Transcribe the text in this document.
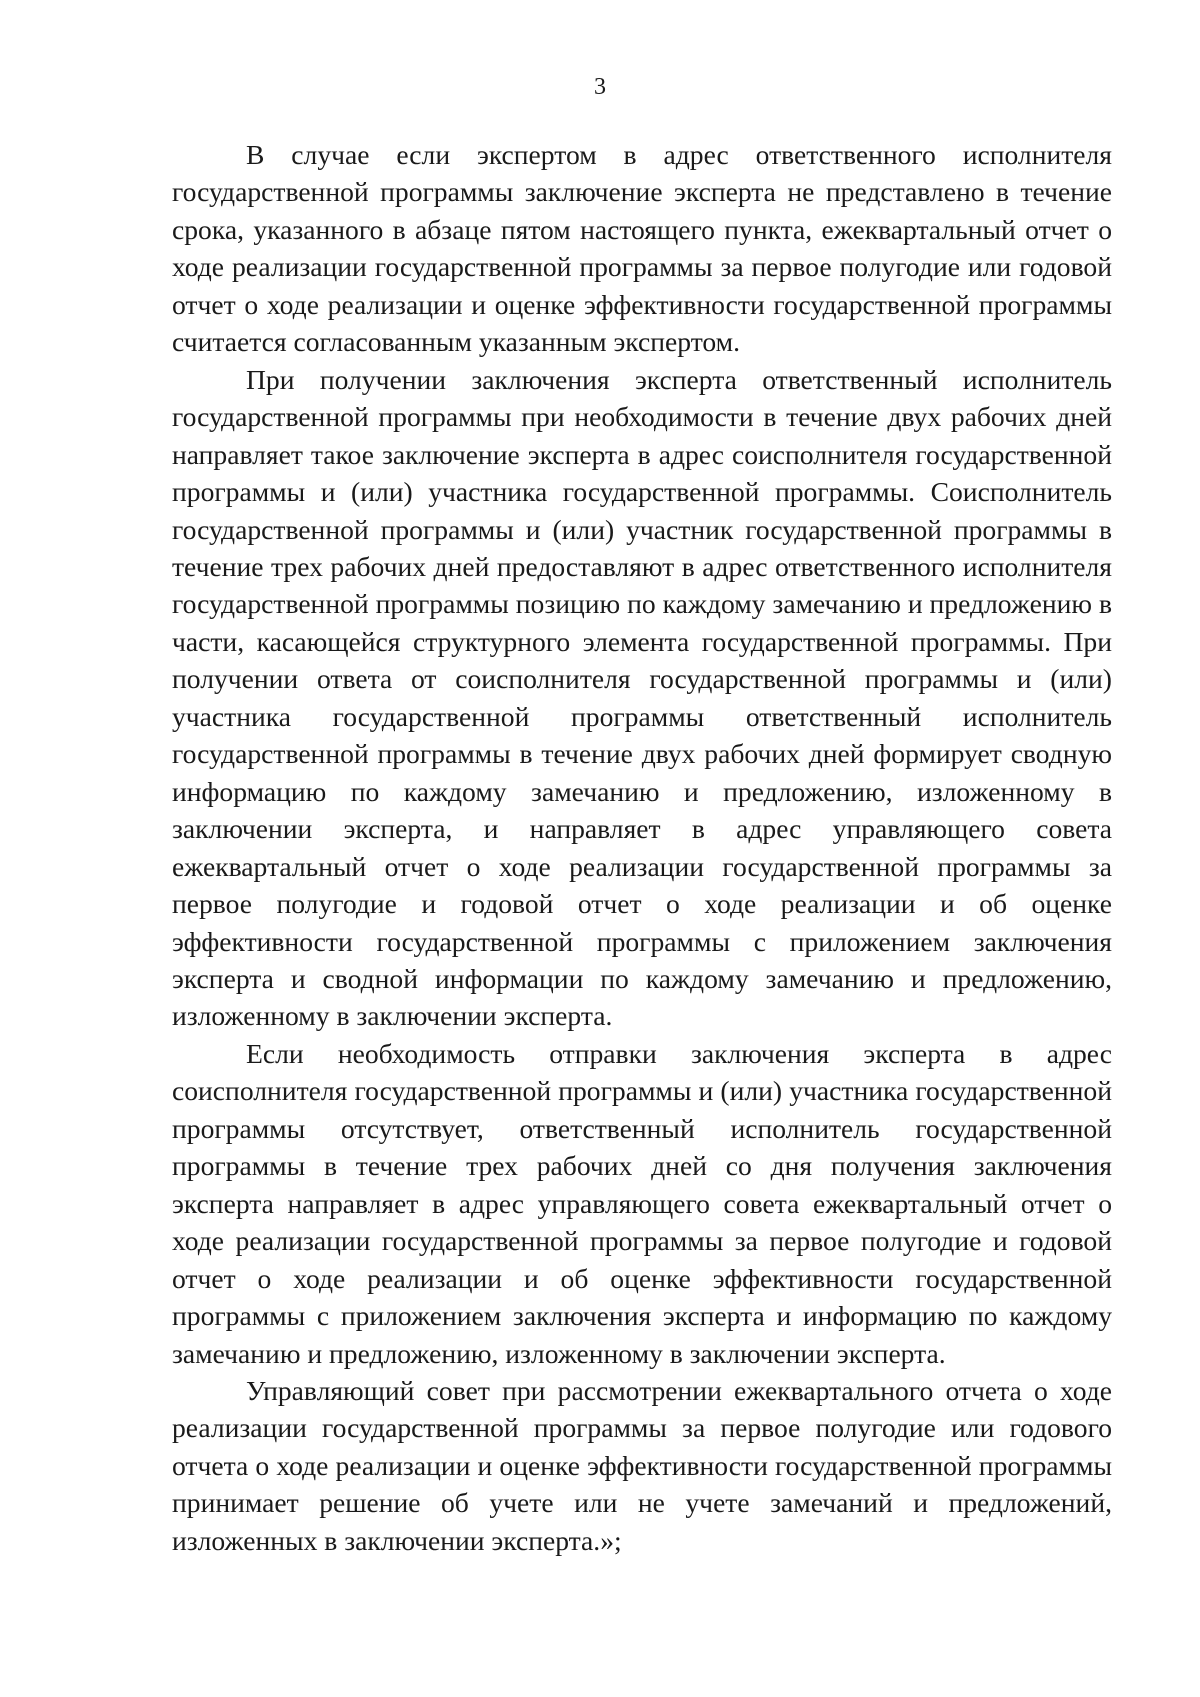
3

В случае если экспертом в адрес ответственного исполнителя государственной программы заключение эксперта не представлено в течение срока, указанного в абзаце пятом настоящего пункта, ежеквартальный отчет о ходе реализации государственной программы за первое полугодие или годовой отчет о ходе реализации и оценке эффективности государственной программы считается согласованным указанным экспертом.

При получении заключения эксперта ответственный исполнитель государственной программы при необходимости в течение двух рабочих дней направляет такое заключение эксперта в адрес соисполнителя государственной программы и (или) участника государственной программы. Соисполнитель государственной программы и (или) участник государственной программы в течение трех рабочих дней предоставляют в адрес ответственного исполнителя государственной программы позицию по каждому замечанию и предложению в части, касающейся структурного элемента государственной программы. При получении ответа от соисполнителя государственной программы и (или) участника государственной программы ответственный исполнитель государственной программы в течение двух рабочих дней формирует сводную информацию по каждому замечанию и предложению, изложенному в заключении эксперта, и направляет в адрес управляющего совета ежеквартальный отчет о ходе реализации государственной программы за первое полугодие и годовой отчет о ходе реализации и об оценке эффективности государственной программы с приложением заключения эксперта и сводной информации по каждому замечанию и предложению, изложенному в заключении эксперта.

Если необходимость отправки заключения эксперта в адрес соисполнителя государственной программы и (или) участника государственной программы отсутствует, ответственный исполнитель государственной программы в течение трех рабочих дней со дня получения заключения эксперта направляет в адрес управляющего совета ежеквартальный отчет о ходе реализации государственной программы за первое полугодие и годовой отчет о ходе реализации и об оценке эффективности государственной программы с приложением заключения эксперта и информацию по каждому замечанию и предложению, изложенному в заключении эксперта.

Управляющий совет при рассмотрении ежеквартального отчета о ходе реализации государственной программы за первое полугодие или годового отчета о ходе реализации и оценке эффективности государственной программы принимает решение об учете или не учете замечаний и предложений, изложенных в заключении эксперта.»;
